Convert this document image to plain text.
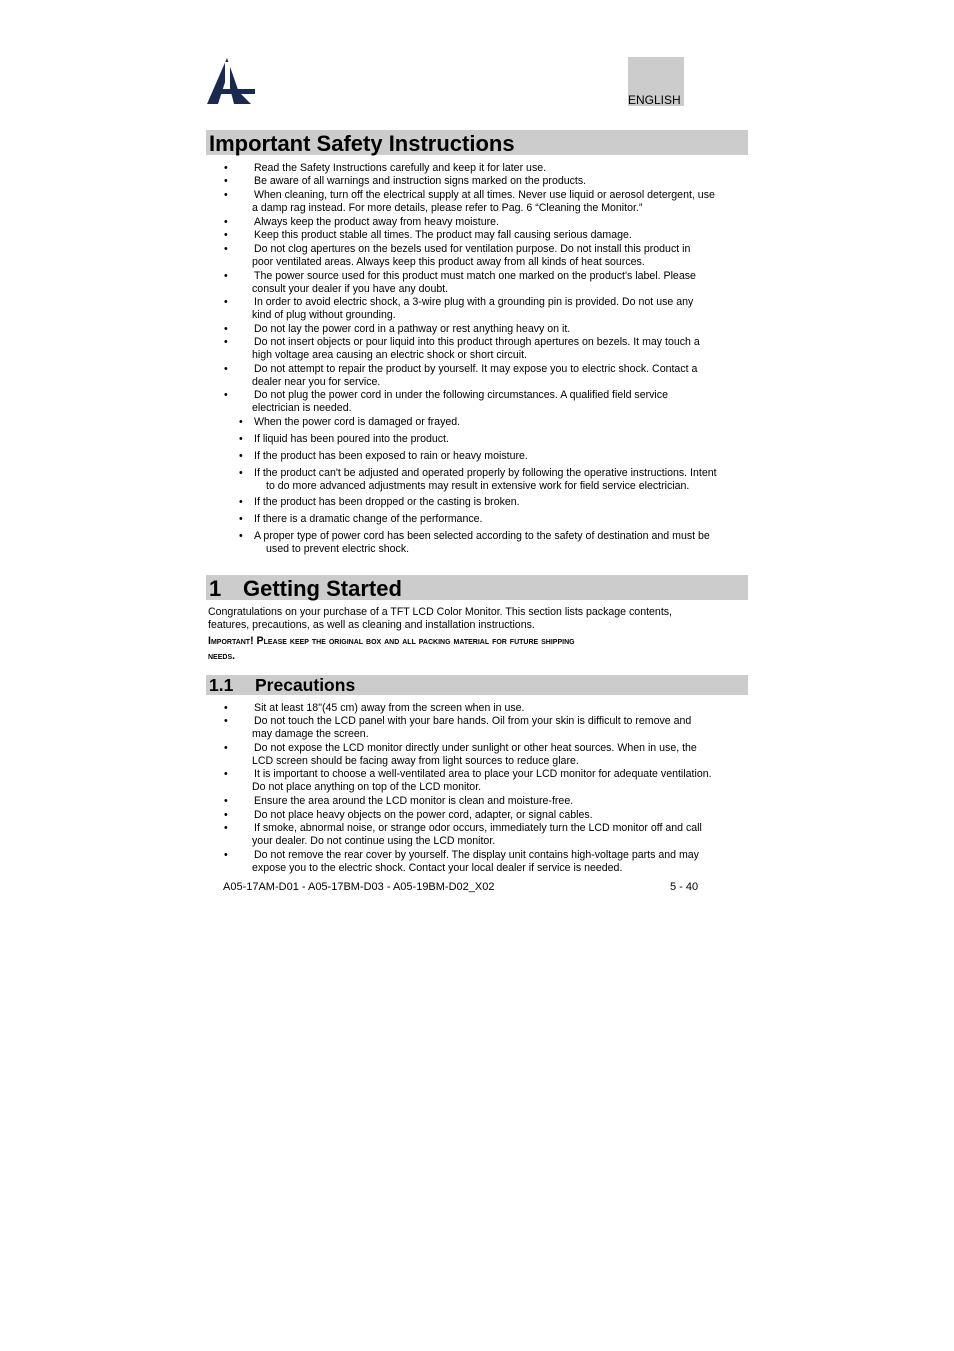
ENGLISH
Important Safety Instructions
• Read the Safety Instructions carefully and keep it for later use.
• Be aware of all warnings and instruction signs marked on the products.
• When cleaning, turn off the electrical supply at all times. Never use liquid or aerosol detergent, use
a damp rag instead. For more details, please refer to Pag. 6 “Cleaning the Monitor.”
• Always keep the product away from heavy moisture.
• Keep this product stable all times. The product may fall causing serious damage.
• Do not clog apertures on the bezels used for ventilation purpose. Do not install this product in
poor ventilated areas. Always keep this product away from all kinds of heat sources.
• The power source used for this product must match one marked on the product's label. Please
consult your dealer if you have any doubt.
• In order to avoid electric shock, a 3-wire plug with a grounding pin is provided. Do not use any
kind of plug without grounding.
• Do not lay the power cord in a pathway or rest anything heavy on it.
• Do not insert objects or pour liquid into this product through apertures on bezels. It may touch a
high voltage area causing an electric shock or short circuit.
• Do not attempt to repair the product by yourself. It may expose you to electric shock. Contact a
dealer near you for service.
• Do not plug the power cord in under the following circumstances. A qualified field service
electrician is needed.
• When the power cord is damaged or frayed.
• If liquid has been poured into the product.
• If the product has been exposed to rain or heavy moisture.
• If the product can't be adjusted and operated properly by following the operative instructions. Intent
to do more advanced adjustments may result in extensive work for field service electrician.
• If the product has been dropped or the casting is broken.
• If there is a dramatic change of the performance.
• A proper type of power cord has been selected according to the safety of destination and must be
used to prevent electric shock.
1 Getting Started
Congratulations on your purchase of a TFT LCD Color Monitor. This section lists package contents,
features, precautions, as well as cleaning and installation instructions.
Important! Please keep the original box and all packing material for future shipping
needs.
1.1 Precautions
• Sit at least 18"(45 cm) away from the screen when in use.
• Do not touch the LCD panel with your bare hands. Oil from your skin is difficult to remove and
may damage the screen.
• Do not expose the LCD monitor directly under sunlight or other heat sources. When in use, the
LCD screen should be facing away from light sources to reduce glare.
• It is important to choose a well-ventilated area to place your LCD monitor for adequate ventilation.
Do not place anything on top of the LCD monitor.
• Ensure the area around the LCD monitor is clean and moisture-free.
• Do not place heavy objects on the power cord, adapter, or signal cables.
• If smoke, abnormal noise, or strange odor occurs, immediately turn the LCD monitor off and call
your dealer. Do not continue using the LCD monitor.
• Do not remove the rear cover by yourself. The display unit contains high-voltage parts and may
expose you to the electric shock. Contact your local dealer if service is needed.
A05-17AM-D01 - A05-17BM-D03 - A05-19BM-D02_X02	5 - 40
